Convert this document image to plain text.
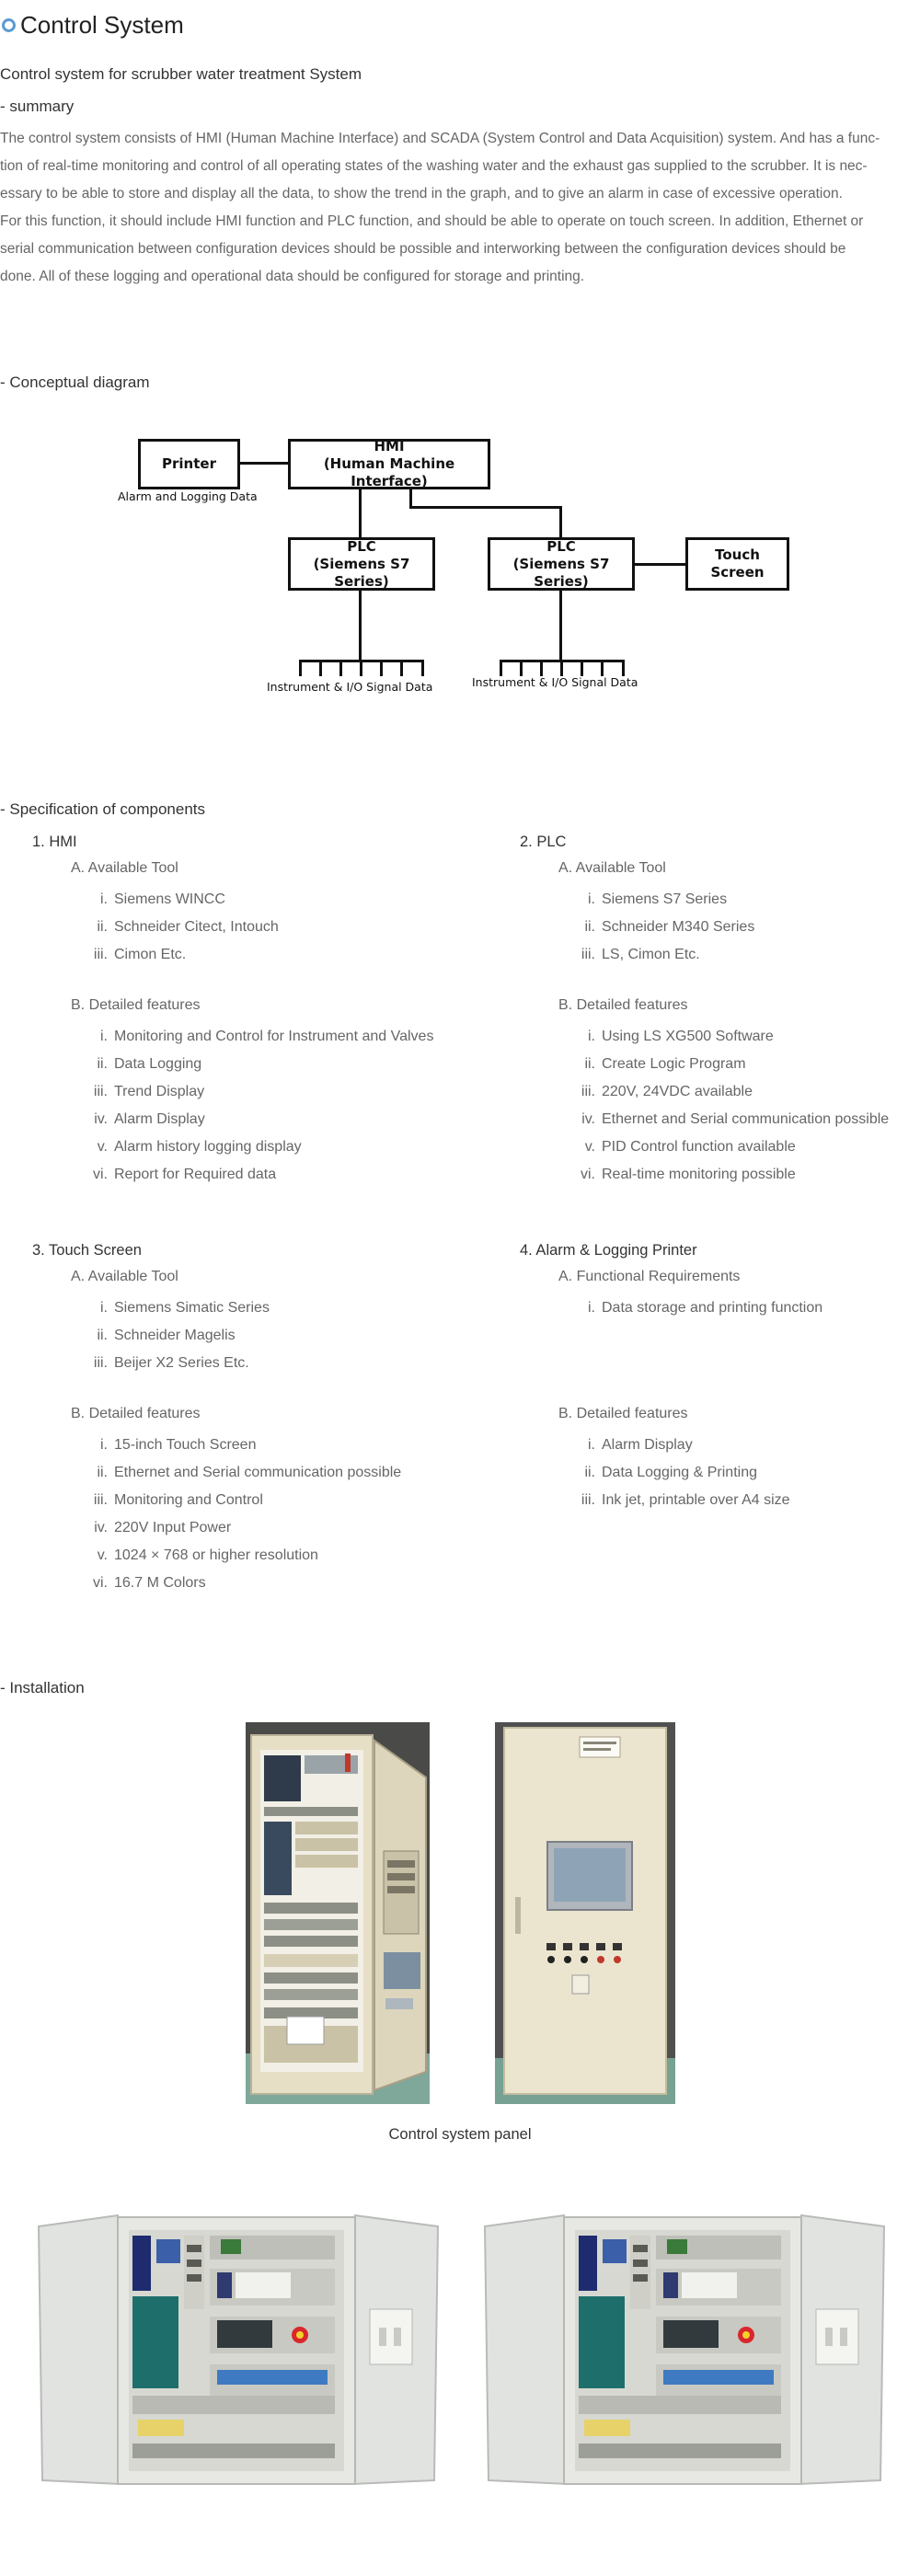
Control System
Control system for scrubber water treatment System
- summary

The control system consists of HMI (Human Machine Interface) and SCADA (System Control and Data Acquisition) system. And has a func-

tion of real-time monitoring and control of all operating states of the washing water and the exhaust gas supplied to the scrubber. It is nec-

essary to be able to store and display all the data, to show the trend in the graph, and to give an alarm in case of excessive operation.

For this function, it should include HMI function and PLC function, and should be able to operate on touch screen. In addition, Ethernet or

serial communication between configuration devices should be possible and interworking between the configuration devices should be

done. All of these logging and operational data should be configured for storage and printing.

- Conceptual diagram
Printer
HMI
(Human Machine Interface)
PLC
(Siemens S7 Series)
PLC
(Siemens S7 Series)
Touch
Screen
Alarm and Logging Data
Instrument & I/O Signal Data	Instrument & I/O Signal Data
- Specification of components
1. HMI
A. Available Tool
i. Siemens WINCC
ii. Schneider Citect, Intouch
iii. Cimon Etc.
B. Detailed features
i. Monitoring and Control for Instrument and Valves
ii. Data Logging
iii. Trend Display
iv. Alarm Display
v. Alarm history logging display
vi. Report for Required data
2. PLC
A. Available Tool
i. Siemens S7 Series
ii. Schneider M340 Series
iii. LS, Cimon Etc.
B. Detailed features
i. Using LS XG500 Software
ii. Create Logic Program
iii. 220V, 24VDC available
iv. Ethernet and Serial communication possible
v. PID Control function available
vi. Real-time monitoring possible
3. Touch Screen
A. Available Tool
i. Siemens Simatic Series
ii. Schneider Magelis
iii. Beijer X2 Series Etc.
B. Detailed features
i. 15-inch Touch Screen
ii. Ethernet and Serial communication possible
iii. Monitoring and Control
iv. 220V Input Power
v. 1024 × 768 or higher resolution
vi. 16.7 M Colors
4. Alarm & Logging Printer
A. Functional Requirements
i. Data storage and printing function
B. Detailed features
i. Alarm Display
ii. Data Logging & Printing
iii. Ink jet, printable over A4 size
- Installation
Control system panel
